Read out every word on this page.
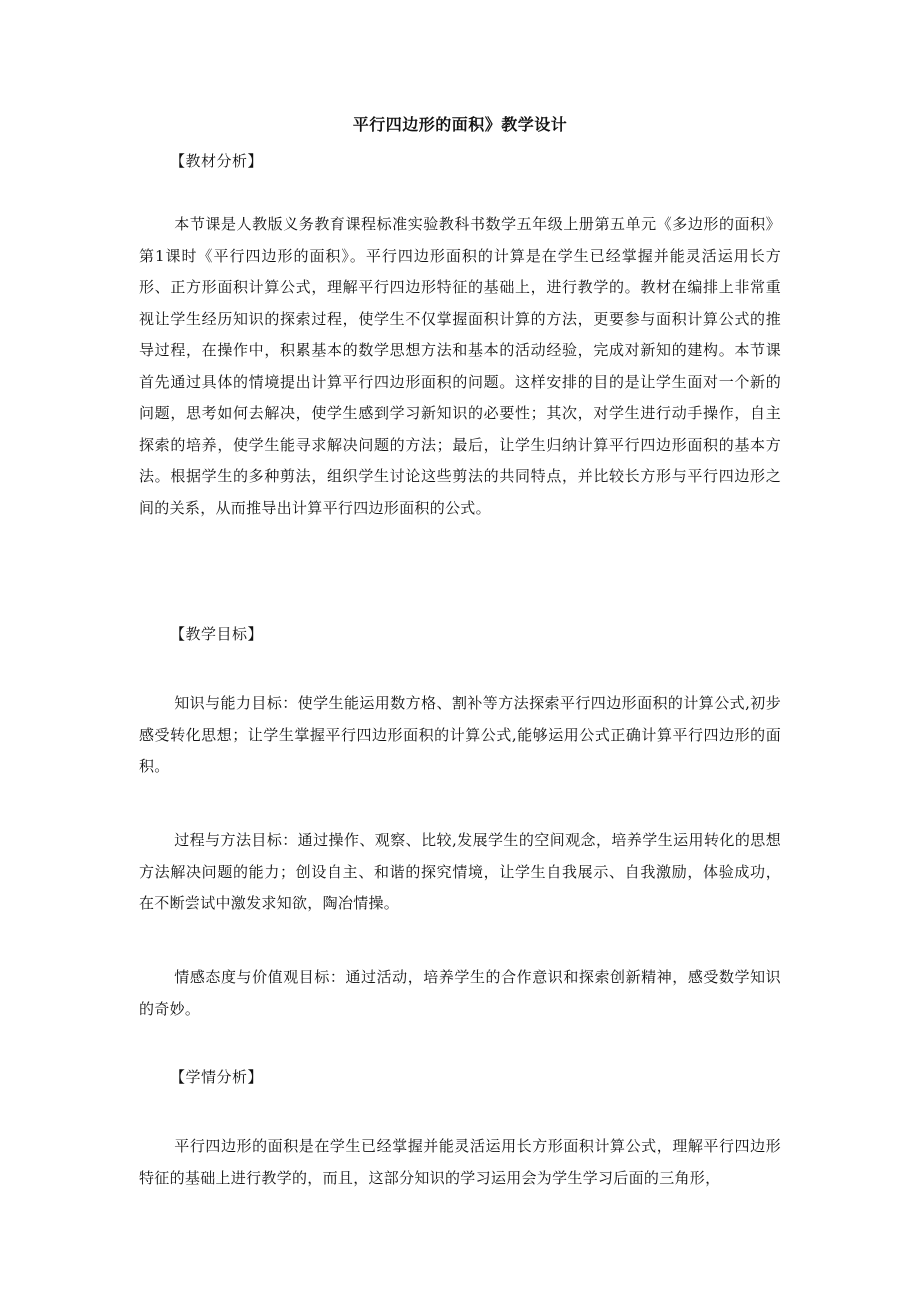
平行四边形的面积》教学设计
【教材分析】

本节课是人教版义务教育课程标准实验教科书数学五年级上册第五单元《多边形的面积》第1课时《平行四边形的面积》。平行四边形面积的计算是在学生已经掌握并能灵活运用长方形、正方形面积计算公式，理解平行四边形特征的基础上，进行教学的。教材在编排上非常重视让学生经历知识的探索过程，使学生不仅掌握面积计算的方法，更要参与面积计算公式的推导过程，在操作中，积累基本的数学思想方法和基本的活动经验，完成对新知的建构。本节课首先通过具体的情境提出计算平行四边形面积的问题。这样安排的目的是让学生面对一个新的问题，思考如何去解决，使学生感到学习新知识的必要性；其次，对学生进行动手操作，自主探索的培养，使学生能寻求解决问题的方法；最后，让学生归纳计算平行四边形面积的基本方法。根据学生的多种剪法，组织学生讨论这些剪法的共同特点，并比较长方形与平行四边形之间的关系，从而推导出计算平行四边形面积的公式。

【教学目标】

知识与能力目标：使学生能运用数方格、割补等方法探索平行四边形面积的计算公式,初步感受转化思想；让学生掌握平行四边形面积的计算公式,能够运用公式正确计算平行四边形的面积。

过程与方法目标：通过操作、观察、比较,发展学生的空间观念，培养学生运用转化的思想方法解决问题的能力；创设自主、和谐的探究情境，让学生自我展示、自我激励，体验成功，在不断尝试中激发求知欲，陶冶情操。

情感态度与价值观目标：通过活动，培养学生的合作意识和探索创新精神，感受数学知识的奇妙。

【学情分析】

平行四边形的面积是在学生已经掌握并能灵活运用长方形面积计算公式，理解平行四边形特征的基础上进行教学的，而且，这部分知识的学习运用会为学生学习后面的三角形，
